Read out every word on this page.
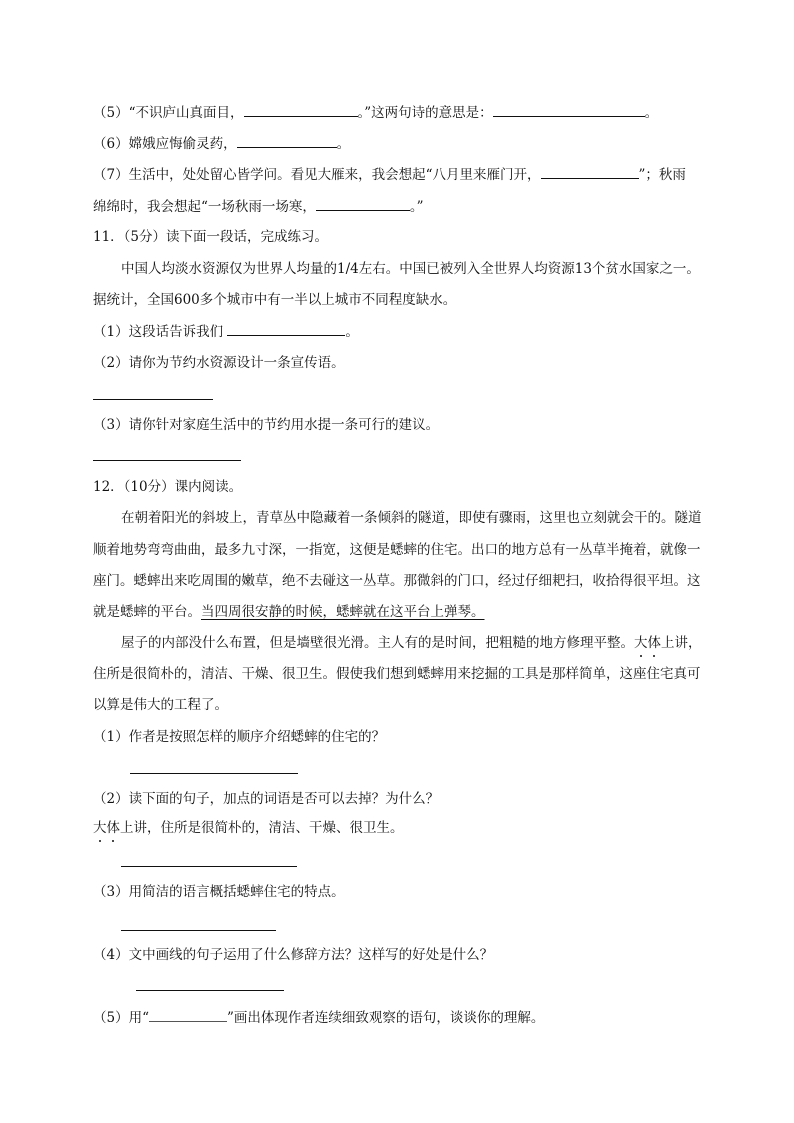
（5）“不识庐山真面目，	。”这两句诗的意思是：	。
（6）嫦娥应悔偷灵药，	。
（7）生活中，处处留心皆学问。看见大雁来，我会想起“八月里来雁门开，	”；秋雨
绵绵时，我会想起“一场秋雨一场寒，	。”
11．（5分）读下面一段话，完成练习。
中国人均淡水资源仅为世界人均量的1/4左右。中国已被列入全世界人均资源13个贫水国家之一。
据统计，全国600多个城市中有一半以上城市不同程度缺水。
（1）这段话告诉我们	。
（2）请你为节约水资源设计一条宣传语。
（3）请你针对家庭生活中的节约用水提一条可行的建议。
12．（10分）课内阅读。
在朝着阳光的斜坡上，青草丛中隐藏着一条倾斜的隧道，即使有骤雨，这里也立刻就会干的。隧道
顺着地势弯弯曲曲，最多九寸深，一指宽，这便是蟋蟀的住宅。出口的地方总有一丛草半掩着，就像一
座门。蟋蟀出来吃周围的嫩草，绝不去碰这一丛草。那微斜的门口，经过仔细耙扫，收拾得很平坦。这
就是蟋蟀的平台。当四周很安静的时候，蟋蟀就在这平台上弹琴。
屋子的内部没什么布置，但是墙壁很光滑。主人有的是时间，把粗糙的地方修理平整。大体上讲，
住所是很简朴的，清洁、干燥、很卫生。假使我们想到蟋蟀用来挖掘的工具是那样简单，这座住宅真可
以算是伟大的工程了。
（1）作者是按照怎样的顺序介绍蟋蟀的住宅的？
（2）读下面的句子，加点的词语是否可以去掉？为什么？
大体上讲，住所是很简朴的，清洁、干燥、很卫生。
（3）用简洁的语言概括蟋蟀住宅的特点。
（4）文中画线的句子运用了什么修辞方法？这样写的好处是什么？
（5）用“	”画出体现作者连续细致观察的语句，谈谈你的理解。
